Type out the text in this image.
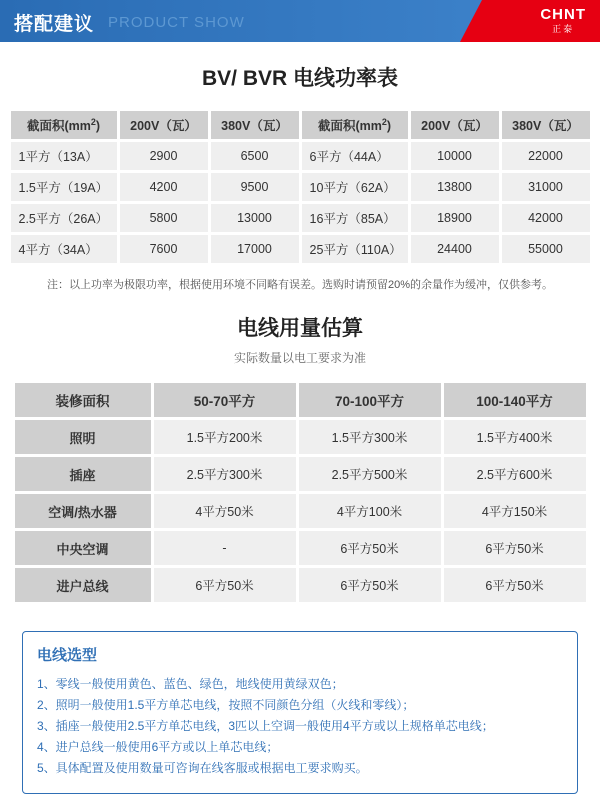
PRODUCT SHOW
搭配建议	CHNT
正泰
BV/ BVR 电线功率表
截面积$(mm^2)$	200V（瓦）	380V（瓦）	截面积$(mm^2)$	200V（瓦）	380V（瓦）
1平方（13A）	2900	6500	6平方（44A）	10000	22000
1.5平方（19A）	4200	9500	10平方（62A）	13800	31000
2.5平方（26A）	5800	13000	16平方（85A）	18900	42000
4平方（34A）	7600	17000	25平方（110A）	24400	55000
注：以上功率为极限功率，根据使用环境不同略有误差。选购时请预留20%的余量作为缓冲，仅供参考。
电线用量估算
实际数量以电工要求为准
装修面积	50-70平方	70-100平方	100-140平方
照明	1.5平方200米	1.5平方300米	1.5平方400米
插座	2.5平方300米	2.5平方500米	2.5平方600米
空调/热水器	4平方50米	4平方100米	4平方150米
中央空调	-	6平方50米	6平方50米
进户总线	6平方50米	6平方50米	6平方50米
电线选型
1、零线一般使用黄色、蓝色、绿色，地线使用黄绿双色；
2、照明一般使用1.5平方单芯电线，按照不同颜色分组（火线和零线）；
3、插座一般使用2.5平方单芯电线，3匹以上空调一般使用4平方或以上规格单芯电线；
4、进户总线一般使用6平方或以上单芯电线；
5、具体配置及使用数量可咨询在线客服或根据电工要求购买。
